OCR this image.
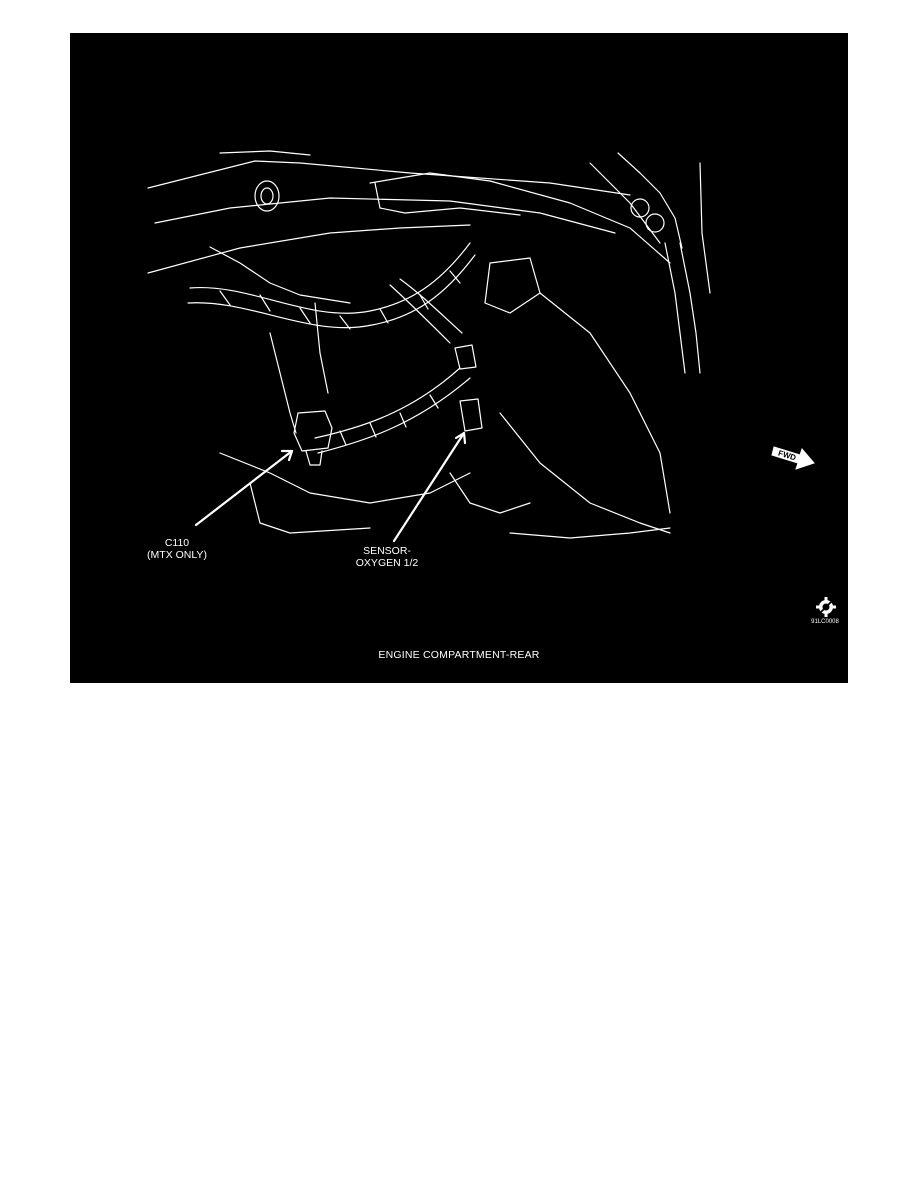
C110
(MTX ONLY)	SENSOR-
OXYGEN 1/2
FWD
91LC0008
ENGINE COMPARTMENT-REAR
